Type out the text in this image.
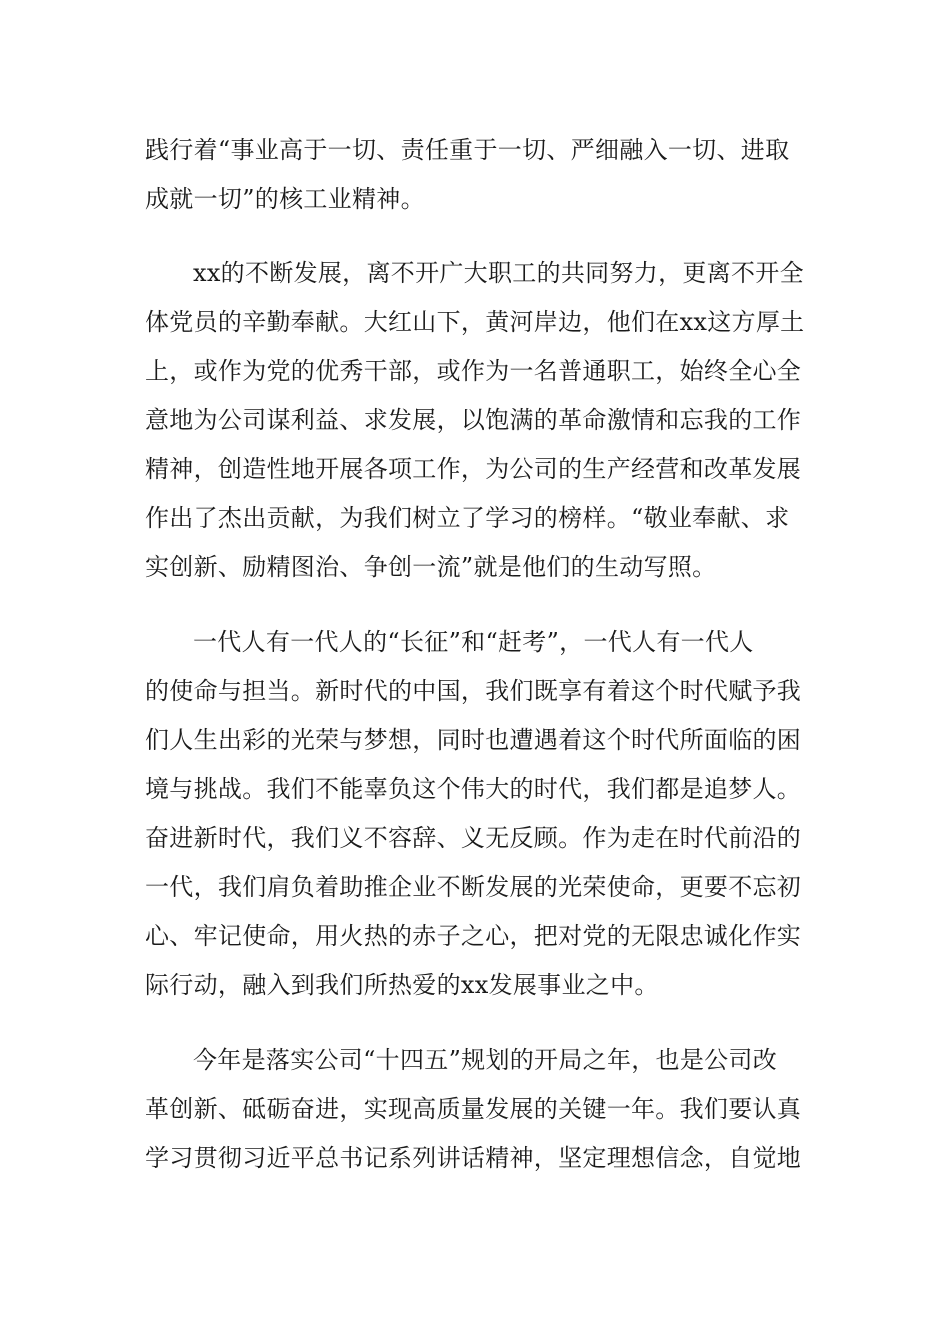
践行着“事业高于一切、责任重于一切、严细融入一切、进取
成就一切”的核工业精神。
xx的不断发展，离不开广大职工的共同努力，更离不开全
体党员的辛勤奉献。大红山下，黄河岸边，他们在xx这方厚土
上，或作为党的优秀干部，或作为一名普通职工，始终全心全
意地为公司谋利益、求发展，以饱满的革命激情和忘我的工作
精神，创造性地开展各项工作，为公司的生产经营和改革发展
作出了杰出贡献，为我们树立了学习的榜样。“敬业奉献、求
实创新、励精图治、争创一流”就是他们的生动写照。
一代人有一代人的“长征”和“赶考”，一代人有一代人
的使命与担当。新时代的中国，我们既享有着这个时代赋予我
们人生出彩的光荣与梦想，同时也遭遇着这个时代所面临的困
境与挑战。我们不能辜负这个伟大的时代，我们都是追梦人。
奋进新时代，我们义不容辞、义无反顾。作为走在时代前沿的
一代，我们肩负着助推企业不断发展的光荣使命，更要不忘初
心、牢记使命，用火热的赤子之心，把对党的无限忠诚化作实
际行动，融入到我们所热爱的xx发展事业之中。
今年是落实公司“十四五”规划的开局之年，也是公司改
革创新、砥砺奋进，实现高质量发展的关键一年。我们要认真
学习贯彻习近平总书记系列讲话精神，坚定理想信念，自觉地
